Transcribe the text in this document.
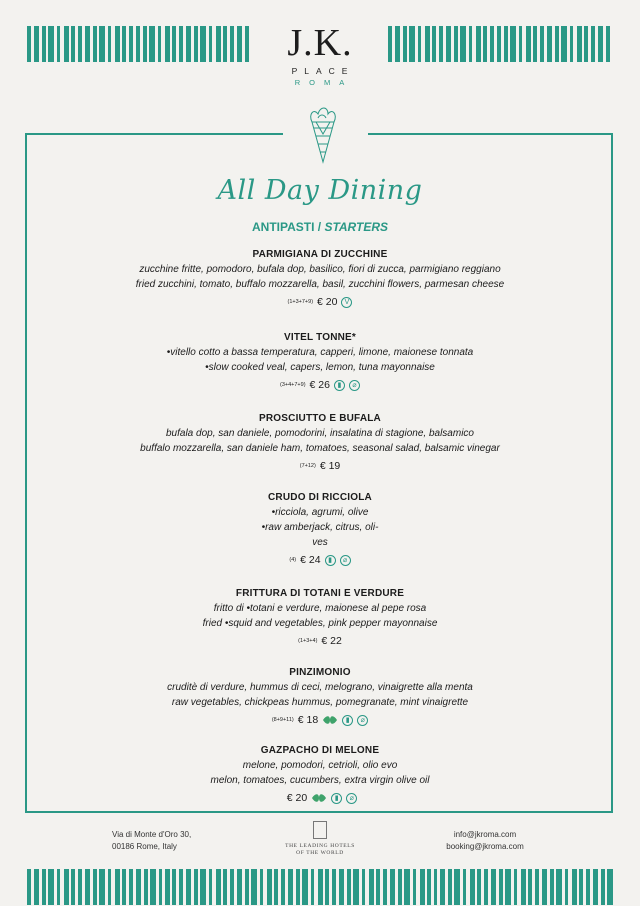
J.K.
PLACE
ROMA
All Day Dining
ANTIPASTI / STARTERS
PARMIGIANA DI ZUCCHINE
zucchine fritte, pomodoro, bufala dop, basilico, fiori di zucca, parmigiano reggiano
fried zucchini, tomato, buffalo mozzarella, basil, zucchini flowers, parmesan cheese
(1+3+7+9) € 20	V
VITEL TONNE*
•vitello cotto a bassa temperatura, capperi, limone, maionese tonnata
•slow cooked veal, capers, lemon, tuna mayonnaise
(3+4+7+9) € 26	▮	⌀
PROSCIUTTO E BUFALA
bufala dop, san daniele, pomodorini, insalatina di stagione, balsamico
buffalo mozzarella, san daniele ham, tomatoes, seasonal salad, balsamic vinegar
(7+12) € 19
CRUDO DI RICCIOLA
•ricciola, agrumi, olive
•raw amberjack, citrus, oli-
ves
(4) € 24	▮	⌀
FRITTURA DI TOTANI E VERDURE
fritto di •totani e verdure, maionese al pepe rosa
fried •squid and vegetables, pink pepper mayonnaise
(1+3+4) € 22
PINZIMONIO
cruditè di verdure, hummus di ceci, melograno, vinaigrette alla menta
raw vegetables, chickpeas hummus, pomegranate, mint vinaigrette
(8+9+11) € 18	▮	⌀
GAZPACHO DI MELONE
melone, pomodori, cetrioli, olio evo
melon, tomatoes, cucumbers, extra virgin olive oil
€ 20	▮	⌀
Via di Monte d'Oro 30,
00186 Rome, Italy	THE LEADING HOTELS
OF THE WORLD
info@jkroma.com
booking@jkroma.com
